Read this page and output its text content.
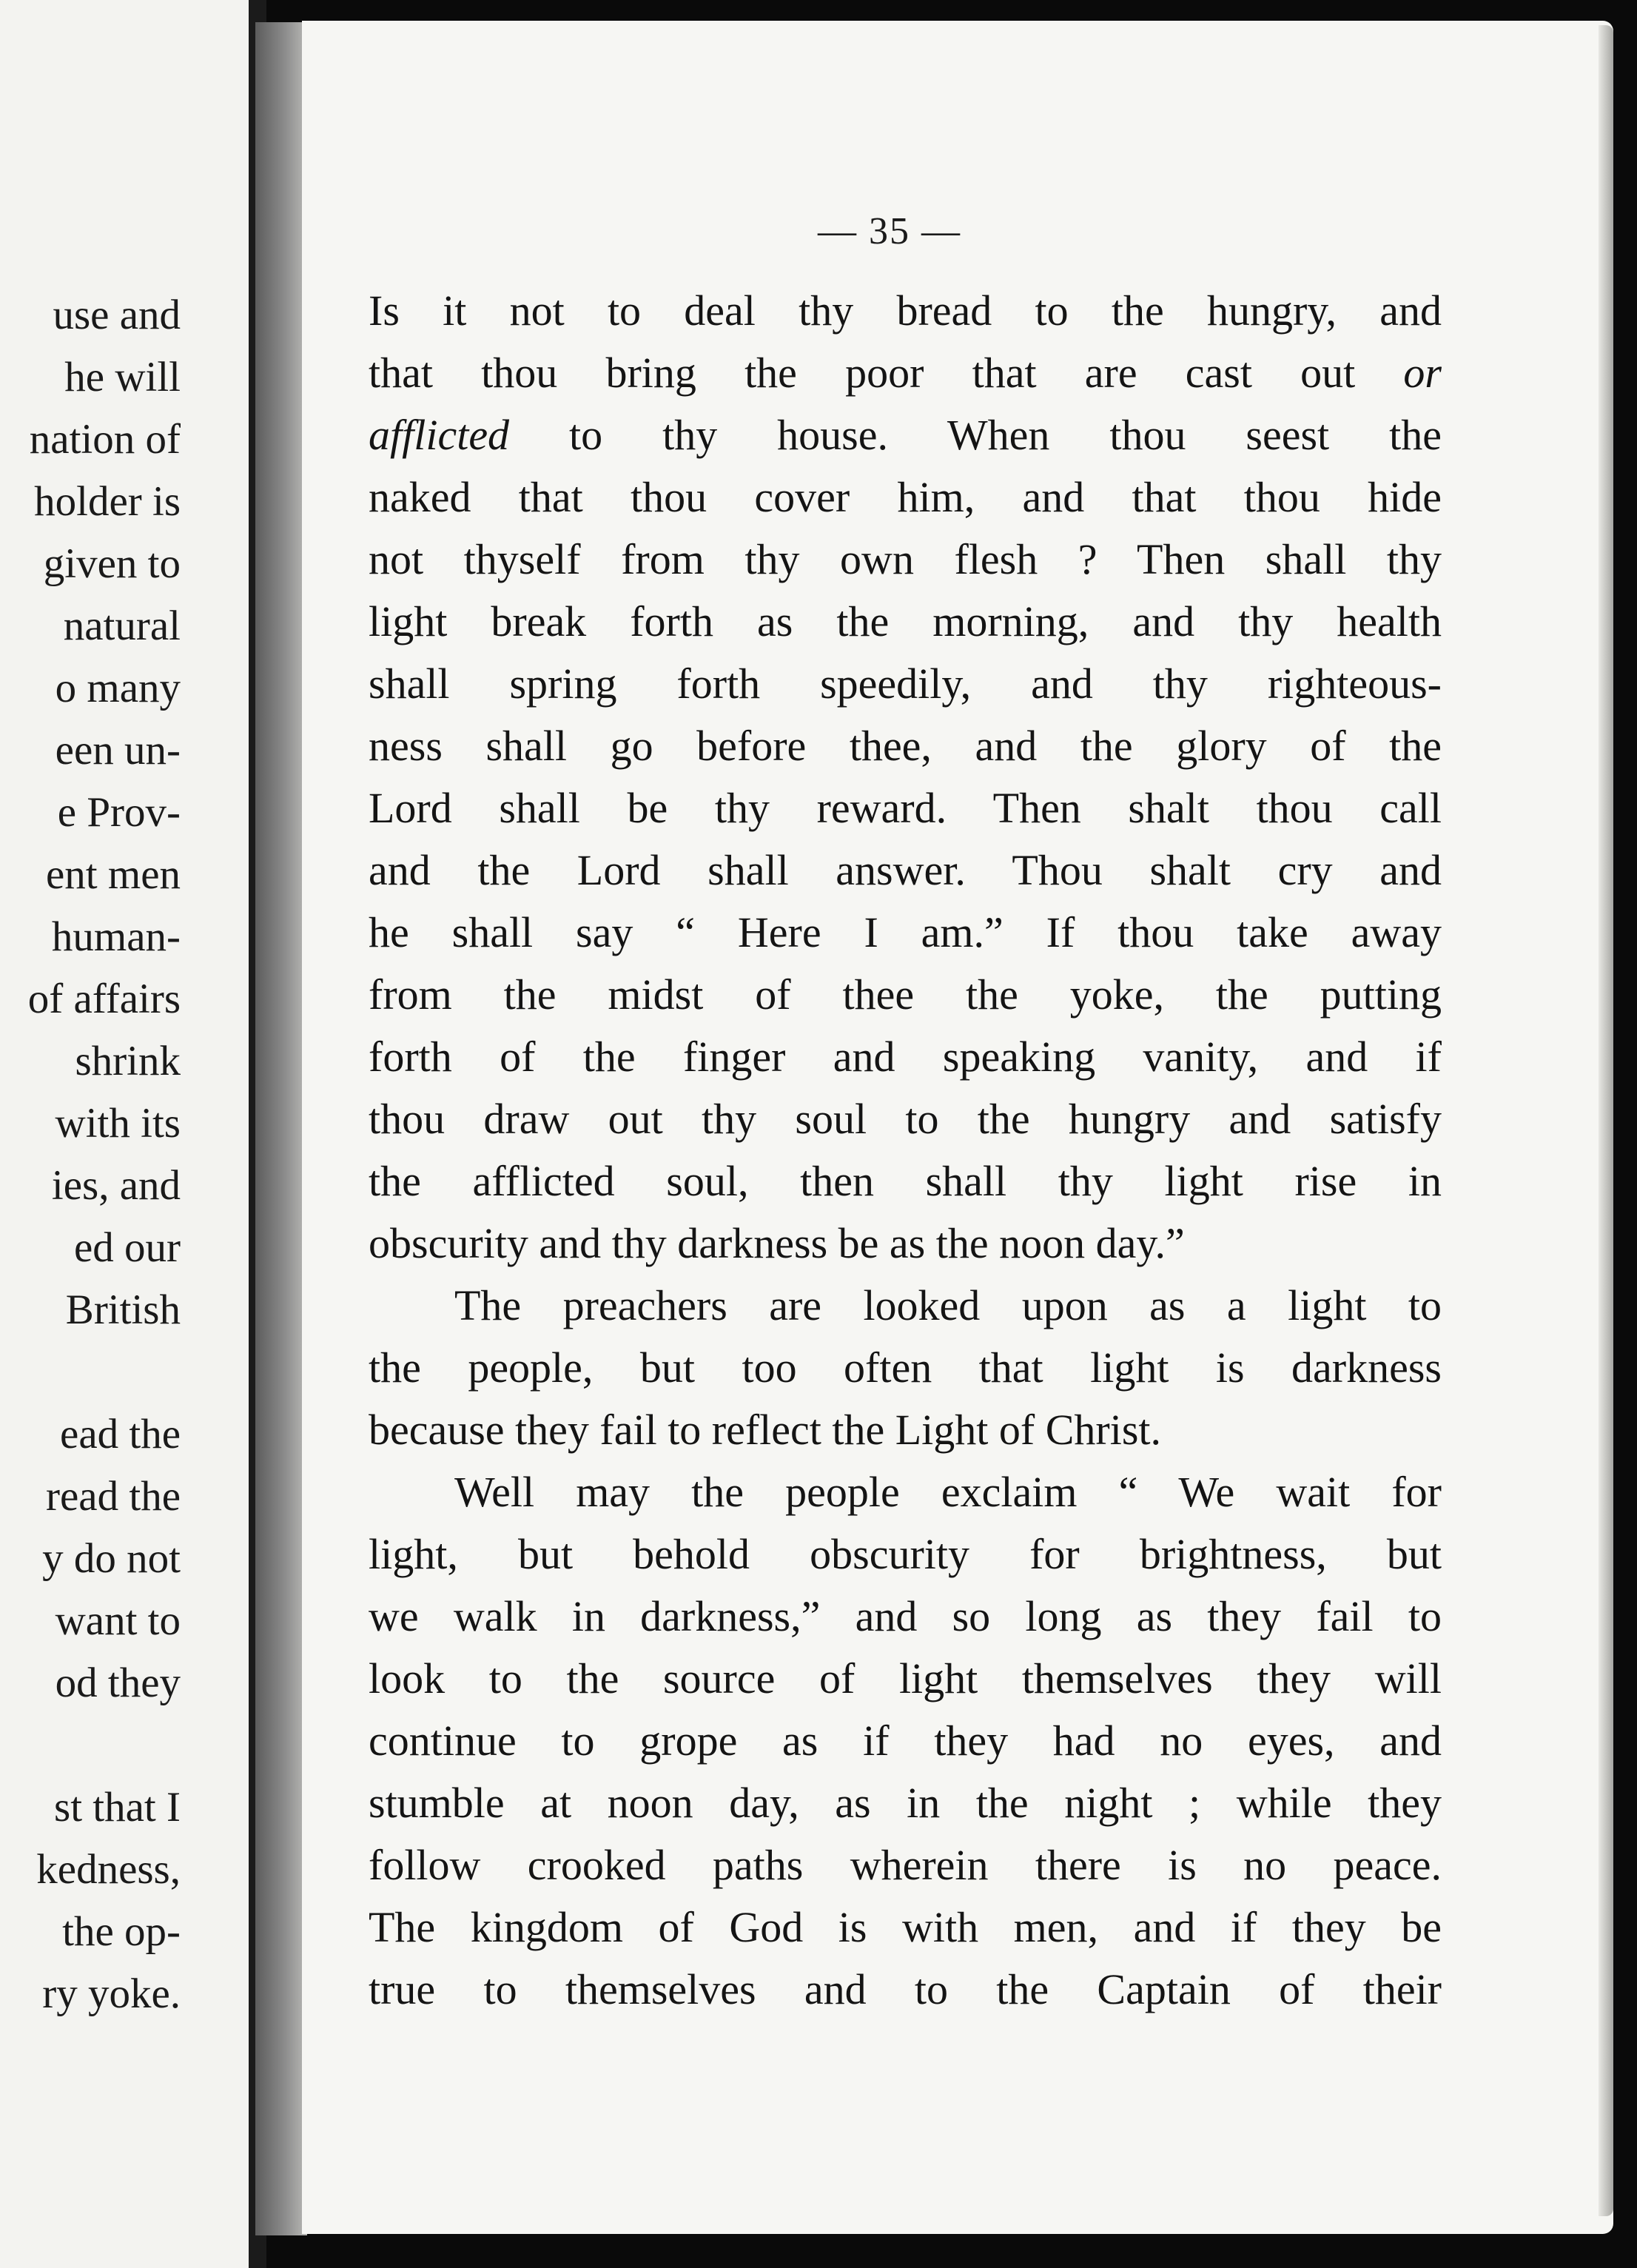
use and
he will
nation of
holder is
given to
natural
o many
een un-
e Prov-
ent men
human-
of affairs
shrink
with its
ies, and
ed our
British
ead the
read the
y do not
want to
od they
st that I
kedness,
the op-
ry yoke.
— 35 —
Is it not to deal thy bread to the hungry, and
that thou bring the poor that are cast out or
afflicted to thy house. When thou seest the
naked that thou cover him, and that thou hide
not thyself from thy own flesh ? Then shall thy
light break forth as the morning, and thy health
shall spring forth speedily, and thy righteous-
ness shall go before thee, and the glory of the
Lord shall be thy reward. Then shalt thou call
and the Lord shall answer. Thou shalt cry and
he shall say “ Here I am.” If thou take away
from the midst of thee the yoke, the putting
forth of the finger and speaking vanity, and if
thou draw out thy soul to the hungry and satisfy
the afflicted soul, then shall thy light rise in
obscurity and thy darkness be as the noon day.”
The preachers are looked upon as a light to
the people, but too often that light is darkness
because they fail to reflect the Light of Christ.
Well may the people exclaim “ We wait for
light, but behold obscurity for brightness, but
we walk in darkness,” and so long as they fail to
look to the source of light themselves they will
continue to grope as if they had no eyes, and
stumble at noon day, as in the night ; while they
follow crooked paths wherein there is no peace.
The kingdom of God is with men, and if they be
true to themselves and to the Captain of their
